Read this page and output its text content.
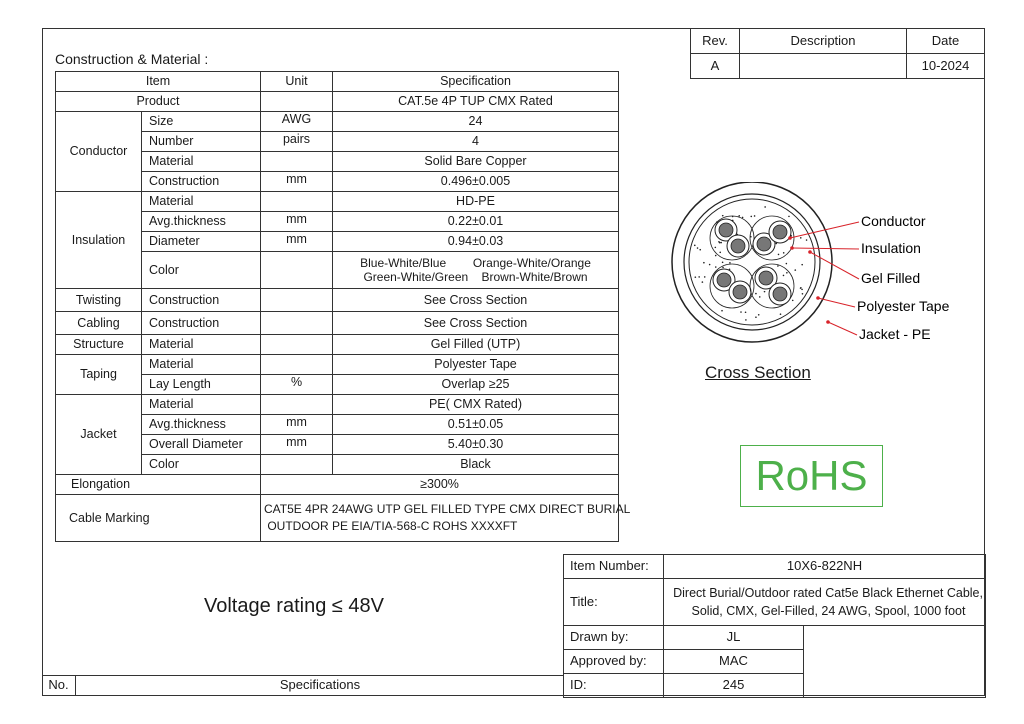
Rev.	Description	Date
A		10-2024
Construction & Material :
Item		Unit	Specification
Product			CAT.5e 4P TUP CMX Rated
Conductor	Size	AWG	24
	Number	pairs	4
	Material		Solid Bare Copper
	Construction	mm	0.496±0.005
Insulation	Material		HD-PE
	Avg.thickness	mm	0.22±0.01
	Diameter	mm	0.94±0.03
	Color		Blue-White/Blue        Orange-White/Orange
Green-White/Green    Brown-White/Brown

Twisting	Construction		See Cross Section
Cabling	Construction		See Cross Section
Structure	Material		Gel Filled (UTP)
Taping	Material		Polyester Tape
	Lay Length	%	Overlap ≥25
Jacket	Material		PE( CMX Rated)
	Avg.thickness	mm	0.51±0.05
	Overall Diameter	mm	5.40±0.30
	Color		Black
Elongation		≥300%	
Cable Marking		CAT5E 4PR 24AWG UTP GEL FILLED TYPE CMX DIRECT BURIAL
OUTDOOR PE EIA/TIA-568-C ROHS XXXXFT	
Conductor
Insulation
Gel Filled
Polyester Tape
Jacket - PE
Cross Section
RoHS
Voltage rating ≤ 48V
Item Number:	10X6-822NH	
Title:	Direct Burial/Outdoor rated Cat5e Black Ethernet Cable,
Solid, CMX, Gel-Filled, 24 AWG, Spool, 1000 foot	

Drawn by:	JL	
Approved by:	MAC	
ID:	245	
No.	Specifications
